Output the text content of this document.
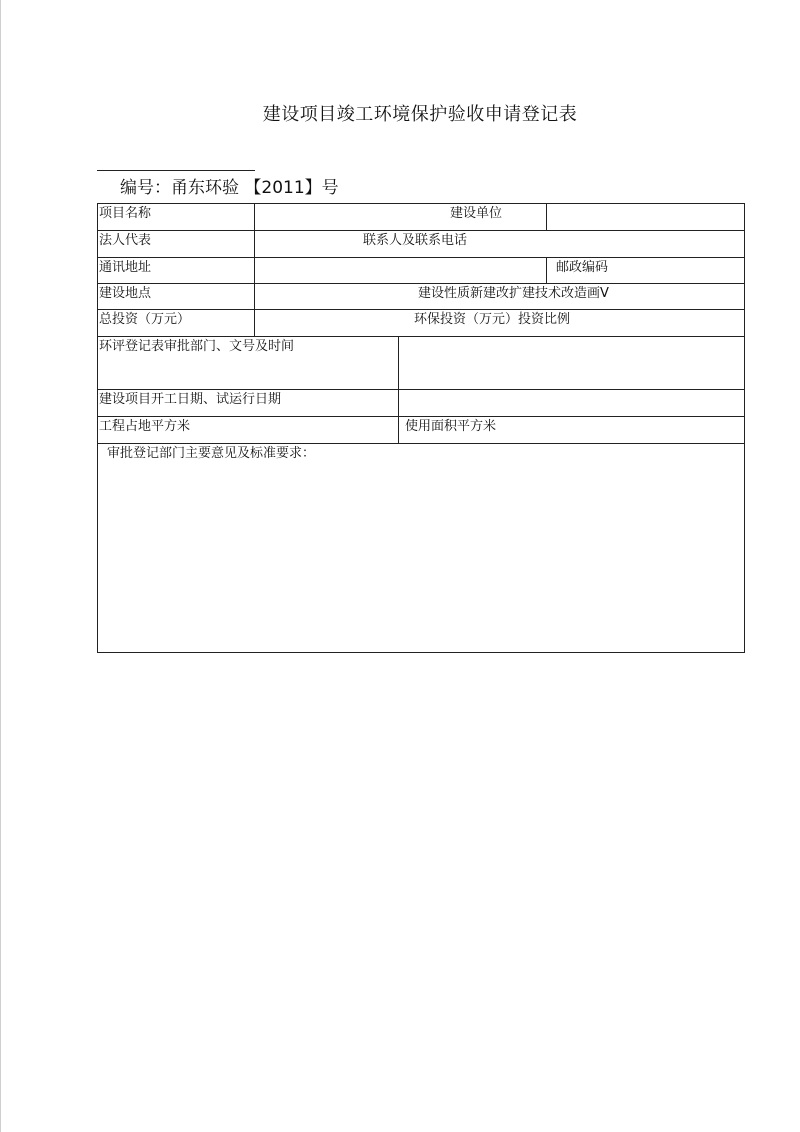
建设项目竣工环境保护验收申请登记表
编号：甬东环验 【2011】号
项目名称	建设单位
法人代表	联系人及联系电话
通讯地址	邮政编码
建设地点	建设性质新建改扩建技术改造画V
总投资（万元）	环保投资（万元）投资比例
环评登记表审批部门、文号及时间
建设项目开工日期、试运行日期
工程占地平方米	使用面积平方米
审批登记部门主要意见及标准要求：
